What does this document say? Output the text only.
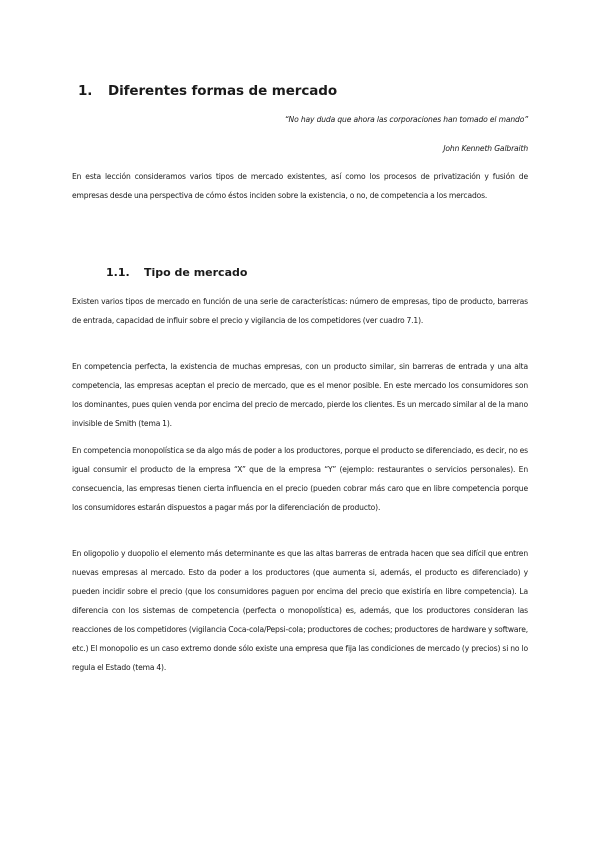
1. Diferentes formas de mercado
“No hay duda que ahora las corporaciones han tomado el mando”
John Kenneth Galbraith

En esta lección consideramos varios tipos de mercado existentes, así como los procesos de privatización y fusión de empresas desde una perspectiva de cómo éstos inciden sobre la existencia, o no, de competencia a los mercados.

1.1. Tipo de mercado

Existen varios tipos de mercado en función de una serie de características: número de empresas, tipo de producto, barreras de entrada, capacidad de influir sobre el precio y vigilancia de los competidores (ver cuadro 7.1).

En competencia perfecta, la existencia de muchas empresas, con un producto similar, sin barreras de entrada y una alta competencia, las empresas aceptan el precio de mercado, que es el menor posible. En este mercado los consumidores son los dominantes, pues quien venda por encima del precio de mercado, pierde los clientes. Es un mercado similar al de la mano invisible de Smith (tema 1).

En competencia monopolística se da algo más de poder a los productores, porque el producto se diferenciado, es decir, no es igual consumir el producto de la empresa “X” que de la empresa “Y” (ejemplo: restaurantes o servicios personales). En consecuencia, las empresas tienen cierta influencia en el precio (pueden cobrar más caro que en libre competencia porque los consumidores estarán dispuestos a pagar más por la diferenciación de producto).

En oligopolio y duopolio el elemento más determinante es que las altas barreras de entrada hacen que sea difícil que entren nuevas empresas al mercado. Esto da poder a los productores (que aumenta si, además, el producto es diferenciado) y pueden incidir sobre el precio (que los consumidores paguen por encima del precio que existiría en libre competencia). La diferencia con los sistemas de competencia (perfecta o monopolística) es, además, que los productores consideran las reacciones de los competidores (vigilancia Coca-cola/Pepsi-cola; productores de coches; productores de hardware y software, etc.) El monopolio es un caso extremo donde sólo existe una empresa que fija las condiciones de mercado (y precios) si no lo regula el Estado (tema 4).
